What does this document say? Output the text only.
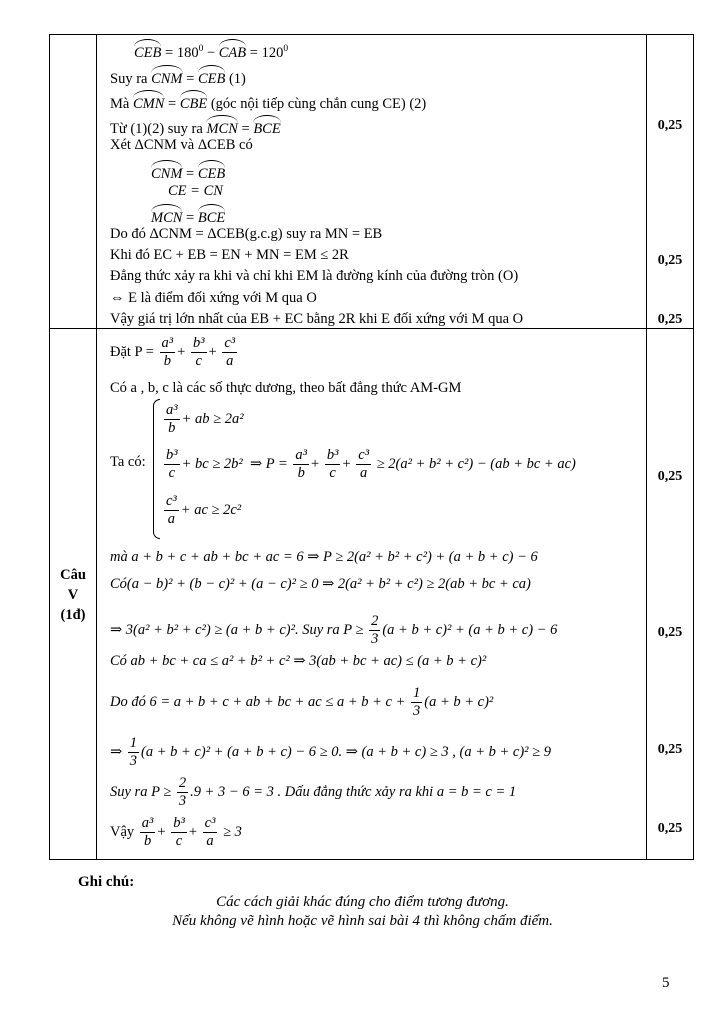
CEB = $180^0$ − CAB = $120^0$
Suy ra CNM = CEB (1)
Mà CMN = CBE (góc nội tiếp cùng chắn cung CE) (2)
Từ (1)(2) suy ra MCN = BCE
Xét ΔCNM và ΔCEB có
CNM = CEB
CE = CN
MCN = BCE
Do đó ΔCNM = ΔCEB(g.c.g) suy ra MN = EB
Khi đó EC + EB = EN + MN = EM ≤ 2R
Đẳng thức xảy ra khi và chỉ khi EM là đường kính của đường tròn (O)
⇔ E là điểm đối xứng với M qua O
Vậy giá trị lớn nhất của EB + EC bằng 2R khi E đối xứng với M qua O
Câu
V
(1đ)
Đặt $P = \frac{\text{a³}}{b} + \frac{\text{b³}}{c} + \frac{\text{c³}}{a}$
Có a , b, c là các số thực dương, theo bất đẳng thức AM-GM
$\frac{\text{a³}}{b}$ + ab ≥ 2a²
Ta có: $\frac{\text{b³}}{c}$ + bc ≥ 2b² ⇒ $P = \frac{\text{a³}}{b} + \frac{\text{b³}}{c} + \frac{\text{c³}}{a} \ge 2(a^2 + b^2 + c^2) - (ab$ + bc + ac)
$\frac{\text{c³}}{a}$ + ac ≥ 2c²
mà a + b + c + ab + bc + ac = 6 ⇒ P ≥ 2(a² + b² + c²) + (a + b + c) − 6
Có(a − b)² + (b − c)² + (a − c)² ≥ 0 ⇒ 2(a² + b² + c²) ≥ 2(ab + bc + ca)
⇒ 3(a² + b² + c²) ≥ (a + b + c)². Suy ra $P \ge \frac{2}{3} (a + b + c)^2 + (a + b + c) - 6$
Có ab + bc + ca ≤ a² + b² + c² ⇒ 3(ab + bc + ac) ≤ (a + b + c)²
Do đó 6 = a + b + c + ab + bc + ac ≤ $a + b + c + \frac{1}{3} (a + b + c)^2$
⇒ $\frac{1}{3} (a + b + c)^2 + (a + b + c) - 6 \ge 0$. ⇒ (a + b + c) ≥ 3 , (a + b + c)² ≥ 9
Suy ra $P \ge \frac{2}{3} .9 + 3 - 6 = 3$ . Dấu đẳng thức xảy ra khi a = b = c = 1
Vậy $\frac{\text{a³}}{b} + \frac{\text{b³}}{c} + \frac{\text{c³}}{a} \ge 3$
0,25
0,25
0,25
0,25
0,25
0,25
0,25
Ghi chú:
Các cách giải khác đúng cho điểm tương đương.
Nếu không vẽ hình hoặc vẽ hình sai bài 4 thì không chấm điểm.
5
